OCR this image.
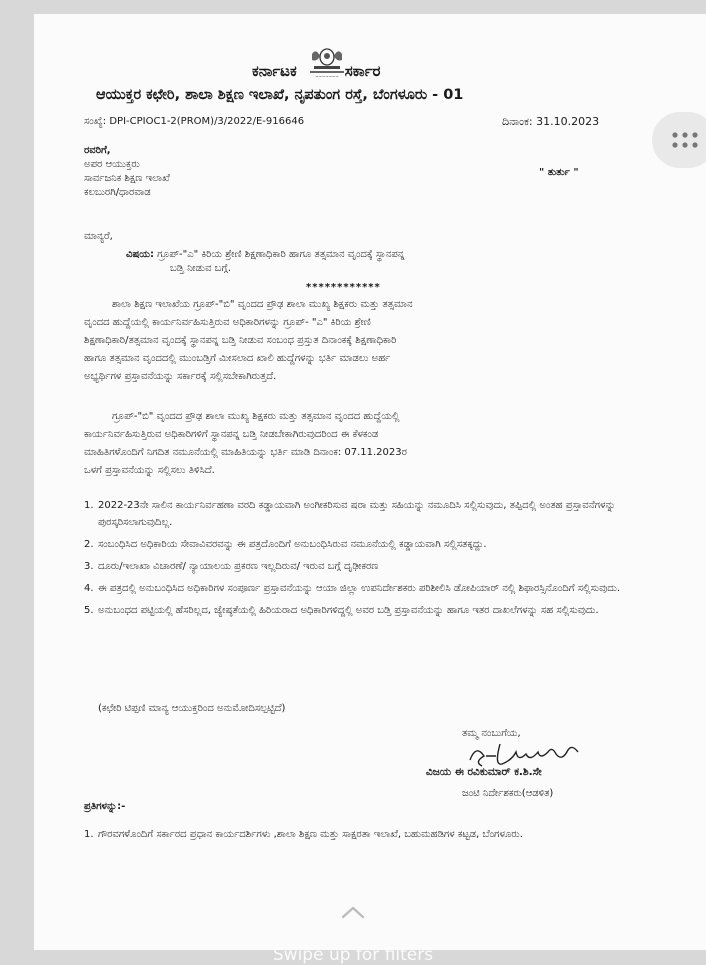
~~~~~~~
ಕರ್ನಾಟಕ	ಸರ್ಕಾರ
ಆಯುಕ್ತರ ಕಛೇರಿ, ಶಾಲಾ ಶಿಕ್ಷಣ ಇಲಾಖೆ, ನೃಪತುಂಗ ರಸ್ತೆ, ಬೆಂಗಳೂರು - 01
ಸಂಖ್ಯೆ: DPI-CPIOC1-2(PROM)/3/2022/E-916646	ದಿನಾಂಕ: 31.10.2023
ರವರಿಗೆ,
ಅಪರ ಆಯುಕ್ತರು
ಸಾರ್ವಜನಿಕ ಶಿಕ್ಷಣ ಇಲಾಖೆ
ಕಲಬುರಗಿ/ಧಾರವಾಡ
" ತುರ್ತು "
ಮಾನ್ಯರೆ,
ವಿಷಯ: ಗ್ರೂಪ್-"ಎ" ಕಿರಿಯ ಶ್ರೇಣಿ ಶಿಕ್ಷಣಾಧಿಕಾರಿ ಹಾಗೂ ತತ್ಸಮಾನ ವೃಂದಕ್ಕೆ ಸ್ಥಾನಪನ್ನ
ಬಡ್ತಿ ನೀಡುವ ಬಗ್ಗೆ.
************
ಶಾಲಾ ಶಿಕ್ಷಣ ಇಲಾಖೆಯ ಗ್ರೂಪ್-"ಬಿ" ವೃಂದದ ಪ್ರೌಢ ಶಾಲಾ ಮುಖ್ಯ ಶಿಕ್ಷಕರು ಮತ್ತು ತತ್ಸಮಾನ
ವೃಂದದ ಹುದ್ದೆಯಲ್ಲಿ ಕಾರ್ಯನಿರ್ವಹಿಸುತ್ತಿರುವ ಅಧಿಕಾರಿಗಳನ್ನು ಗ್ರೂಪ್- "ಎ" ಕಿರಿಯ ಶ್ರೇಣಿ
ಶಿಕ್ಷಣಾಧಿಕಾರಿ/ತತ್ಸಮಾನ ವೃಂದಕ್ಕೆ ಸ್ಥಾನಪನ್ನ ಬಡ್ತಿ ನೀಡುವ ಸಂಬಂಧ ಪ್ರಸ್ತುತ ದಿನಾಂಕಕ್ಕೆ ಶಿಕ್ಷಣಾಧಿಕಾರಿ
ಹಾಗೂ ತತ್ಸಮಾನ ವೃಂದದಲ್ಲಿ ಮುಂಬಡ್ತಿಗೆ ಮೀಸಲಾದ ಖಾಲಿ ಹುದ್ದೆಗಳನ್ನು ಭರ್ತಿ ಮಾಡಲು ಅರ್ಹ
ಅಭ್ಯರ್ಥಿಗಳ ಪ್ರಸ್ತಾವನೆಯನ್ನು ಸರ್ಕಾರಕ್ಕೆ ಸಲ್ಲಿಸಬೇಕಾಗಿರುತ್ತದೆ.
ಗ್ರೂಪ್-"ಬಿ" ವೃಂದದ ಪ್ರೌಢ ಶಾಲಾ ಮುಖ್ಯ ಶಿಕ್ಷಕರು ಮತ್ತು ತತ್ಸಮಾನ ವೃಂದದ ಹುದ್ದೆಯಲ್ಲಿ
ಕಾರ್ಯನಿರ್ವಹಿಸುತ್ತಿರುವ ಅಧಿಕಾರಿಗಳಿಗೆ ಸ್ಥಾನಪನ್ನ ಬಡ್ತಿ ನೀಡಬೇಕಾಗಿರುವುದರಿಂದ ಈ ಕೆಳಕಂಡ
ಮಾಹಿತಿಗಳೊಂದಿಗೆ ನಿಗದಿತ ನಮೂನೆಯಲ್ಲಿ ಮಾಹಿತಿಯನ್ನು ಭರ್ತಿ ಮಾಡಿ ದಿನಾಂಕ: 07.11.2023ರ
ಒಳಗೆ ಪ್ರಸ್ತಾವನೆಯನ್ನು ಸಲ್ಲಿಸಲು ತಿಳಿಸಿದೆ.
1. 2022-23ನೇ ಸಾಲಿನ ಕಾರ್ಯನಿರ್ವಹಣಾ ವರದಿ ಕಡ್ಡಾಯವಾಗಿ ಅಂಗೀಕರಿಸುವ ಷರಾ ಮತ್ತು ಸಹಿಯನ್ನು ನಮೂದಿಸಿ ಸಲ್ಲಿಸುವುದು, ತಪ್ಪಿದಲ್ಲಿ ಅಂತಹ ಪ್ರಸ್ತಾವನೆಗಳನ್ನು ಪುರಸ್ಕರಿಸಲಾಗುವುದಿಲ್ಲ.
2. ಸಂಬಂಧಿಸಿದ ಅಧಿಕಾರಿಯ ಸೇವಾವಿವರವನ್ನು ಈ ಪತ್ರದೊಂದಿಗೆ ಅನುಬಂಧಿಸಿರುವ ನಮೂನೆಯಲ್ಲಿ ಕಡ್ಡಾಯವಾಗಿ ಸಲ್ಲಿಸತಕ್ಕದ್ದು.
3. ದೂರು/ಇಲಾಖಾ ವಿಚಾರಣೆ/ ನ್ಯಾಯಾಲಯ ಪ್ರಕರಣ ಇಲ್ಲದಿರುವ/ ಇರುವ ಬಗ್ಗೆ ದೃಢೀಕರಣ
4. ಈ ಪತ್ರದಲ್ಲಿ ಅನುಬಂಧಿಸಿದ ಅಧಿಕಾರಿಗಳ ಸಂಪೂರ್ಣ ಪ್ರಸ್ತಾವನೆಯನ್ನು ಆಯಾ ಜಿಲ್ಲಾ ಉಪನಿರ್ದೇಶಕರು ಪರಿಶೀಲಿಸಿ ಡೋಪಿಯಾರ್ ನಲ್ಲಿ ಶಿಫಾರಸ್ಸಿನೊಂದಿಗೆ ಸಲ್ಲಿಸುವುದು.
5. ಅನುಬಂಧದ ಪಟ್ಟಿಯಲ್ಲಿ ಹೆಸರಿಲ್ಲದ, ಜ್ಯೇಷ್ಠತೆಯಲ್ಲಿ ಹಿರಿಯರಾದ ಅಧಿಕಾರಿಗಳಿದ್ದಲ್ಲಿ ಅವರ ಬಡ್ತಿ ಪ್ರಸ್ತಾವನೆಯನ್ನು ಹಾಗೂ ಇತರ ದಾಖಲೆಗಳನ್ನು ಸಹ ಸಲ್ಲಿಸುವುದು.
(ಕಛೇರಿ ಟಿಪ್ಪಣಿ ಮಾನ್ಯ ಆಯುಕ್ತರಿಂದ ಅನುಮೋದಿಸಲ್ಪಟ್ಟಿದೆ)
ತಮ್ಮ ನಂಬುಗೆಯ,
ವಿಜಯ ಈ ರವಿಕುಮಾರ್ ಕ.ಶಿ.ಸೇ
ಜಂಟಿ ನಿರ್ದೇಶಕರು(ಆಡಳಿತ)
ಪ್ರತಿಗಳನ್ನು:-
1. ಗೌರವಗಳೊಂದಿಗೆ ಸರ್ಕಾರದ ಪ್ರಧಾನ ಕಾರ್ಯದರ್ಶಿಗಳು ,ಶಾಲಾ ಶಿಕ್ಷಣ ಮತ್ತು ಸಾಕ್ಷರತಾ ಇಲಾಖೆ, ಬಹುಮಹಡಿಗಳ ಕಟ್ಟಡ, ಬೆಂಗಳೂರು.
Swipe up for filters
